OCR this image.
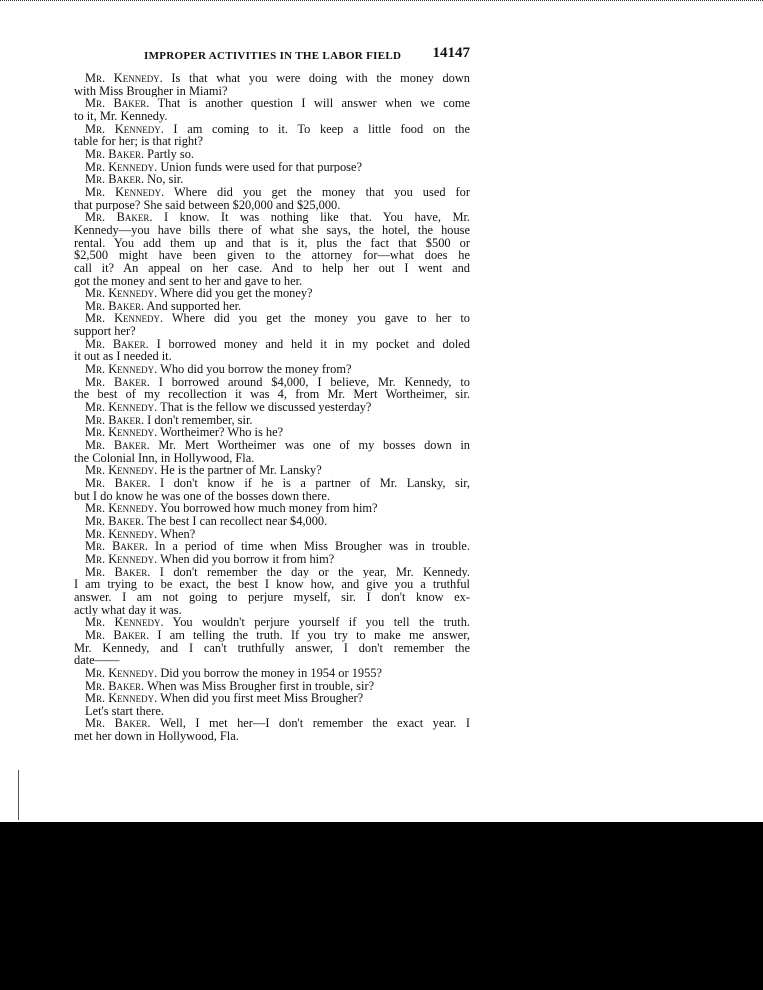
IMPROPER ACTIVITIES IN THE LABOR FIELD 14147
Mr. Kennedy. Is that what you were doing with the money down
with Miss Brougher in Miami?
Mr. Baker. That is another question I will answer when we come
to it, Mr. Kennedy.
Mr. Kennedy. I am coming to it. To keep a little food on the
table for her; is that right?
Mr. Baker. Partly so.
Mr. Kennedy. Union funds were used for that purpose?
Mr. Baker. No, sir.
Mr. Kennedy. Where did you get the money that you used for
that purpose? She said between $20,000 and $25,000.
Mr. Baker. I know. It was nothing like that. You have, Mr.
Kennedy—you have bills there of what she says, the hotel, the house
rental. You add them up and that is it, plus the fact that $500 or
$2,500 might have been given to the attorney for—what does he
call it? An appeal on her case. And to help her out I went and
got the money and sent to her and gave to her.
Mr. Kennedy. Where did you get the money?
Mr. Baker. And supported her.
Mr. Kennedy. Where did you get the money you gave to her to
support her?
Mr. Baker. I borrowed money and held it in my pocket and doled
it out as I needed it.
Mr. Kennedy. Who did you borrow the money from?
Mr. Baker. I borrowed around $4,000, I believe, Mr. Kennedy, to
the best of my recollection it was 4, from Mr. Mert Wortheimer, sir.
Mr. Kennedy. That is the fellow we discussed yesterday?
Mr. Baker. I don't remember, sir.
Mr. Kennedy. Wortheimer? Who is he?
Mr. Baker. Mr. Mert Wortheimer was one of my bosses down in
the Colonial Inn, in Hollywood, Fla.
Mr. Kennedy. He is the partner of Mr. Lansky?
Mr. Baker. I don't know if he is a partner of Mr. Lansky, sir,
but I do know he was one of the bosses down there.
Mr. Kennedy. You borrowed how much money from him?
Mr. Baker. The best I can recollect near $4,000.
Mr. Kennedy. When?
Mr. Baker. In a period of time when Miss Brougher was in trouble.
Mr. Kennedy. When did you borrow it from him?
Mr. Baker. I don't remember the day or the year, Mr. Kennedy.
I am trying to be exact, the best I know how, and give you a truthful
answer. I am not going to perjure myself, sir. I don't know ex-
actly what day it was.
Mr. Kennedy. You wouldn't perjure yourself if you tell the truth.
Mr. Baker. I am telling the truth. If you try to make me answer,
Mr. Kennedy, and I can't truthfully answer, I don't remember the
date——
Mr. Kennedy. Did you borrow the money in 1954 or 1955?
Mr. Baker. When was Miss Brougher first in trouble, sir?
Mr. Kennedy. When did you first meet Miss Brougher?
Let's start there.
Mr. Baker. Well, I met her—I don't remember the exact year. I
met her down in Hollywood, Fla.
